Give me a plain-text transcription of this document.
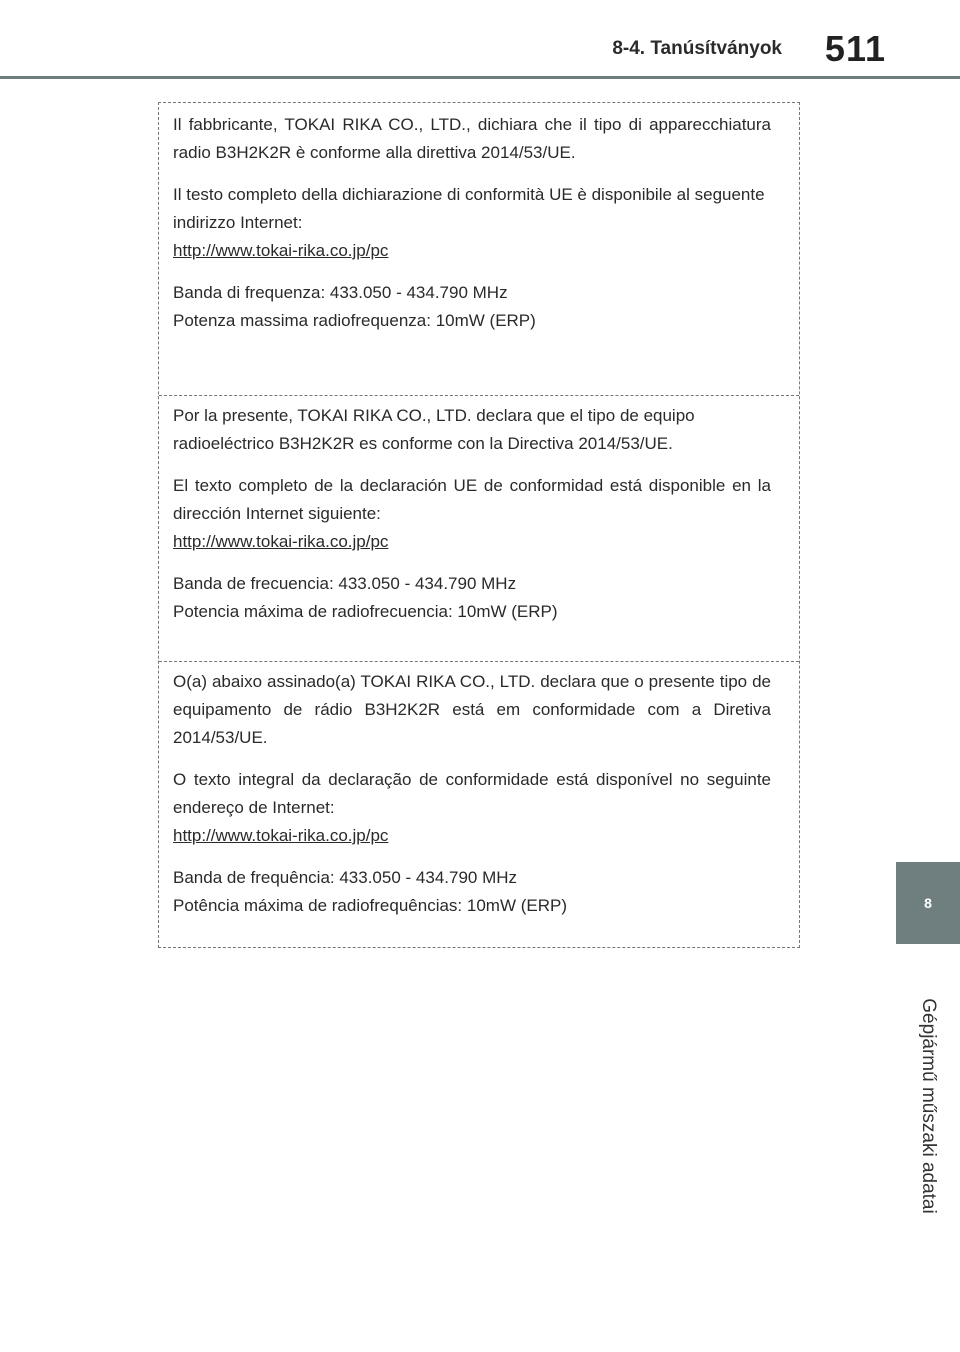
8-4. Tanúsítványok 511
8
Gépjármű műszaki adatai

Il fabbricante, TOKAI RIKA CO., LTD., dichiara che il tipo di apparecchiatura radio B3H2K2R è conforme alla direttiva 2014/53/UE.

Il testo completo della dichiarazione di conformità UE è disponibile al seguente indirizzo Internet:

http://www.tokai-rika.co.jp/pc

Banda di frequenza: 433.050 - 434.790 MHz

Potenza massima radiofrequenza: 10mW (ERP)

Por la presente, TOKAI RIKA CO., LTD. declara que el tipo de equipo radioeléctrico B3H2K2R es conforme con la Directiva 2014/53/UE.

El texto completo de la declaración UE de conformidad está disponible en la dirección Internet siguiente:

http://www.tokai-rika.co.jp/pc

Banda de frecuencia: 433.050 - 434.790 MHz

Potencia máxima de radiofrecuencia: 10mW (ERP)

O(a) abaixo assinado(a) TOKAI RIKA CO., LTD. declara que o presente tipo de equipamento de rádio B3H2K2R está em conformidade com a Diretiva 2014/53/UE.

O texto integral da declaração de conformidade está disponível no seguinte endereço de Internet:

http://www.tokai-rika.co.jp/pc

Banda de frequência: 433.050 - 434.790 MHz

Potência máxima de radiofrequências: 10mW (ERP)
